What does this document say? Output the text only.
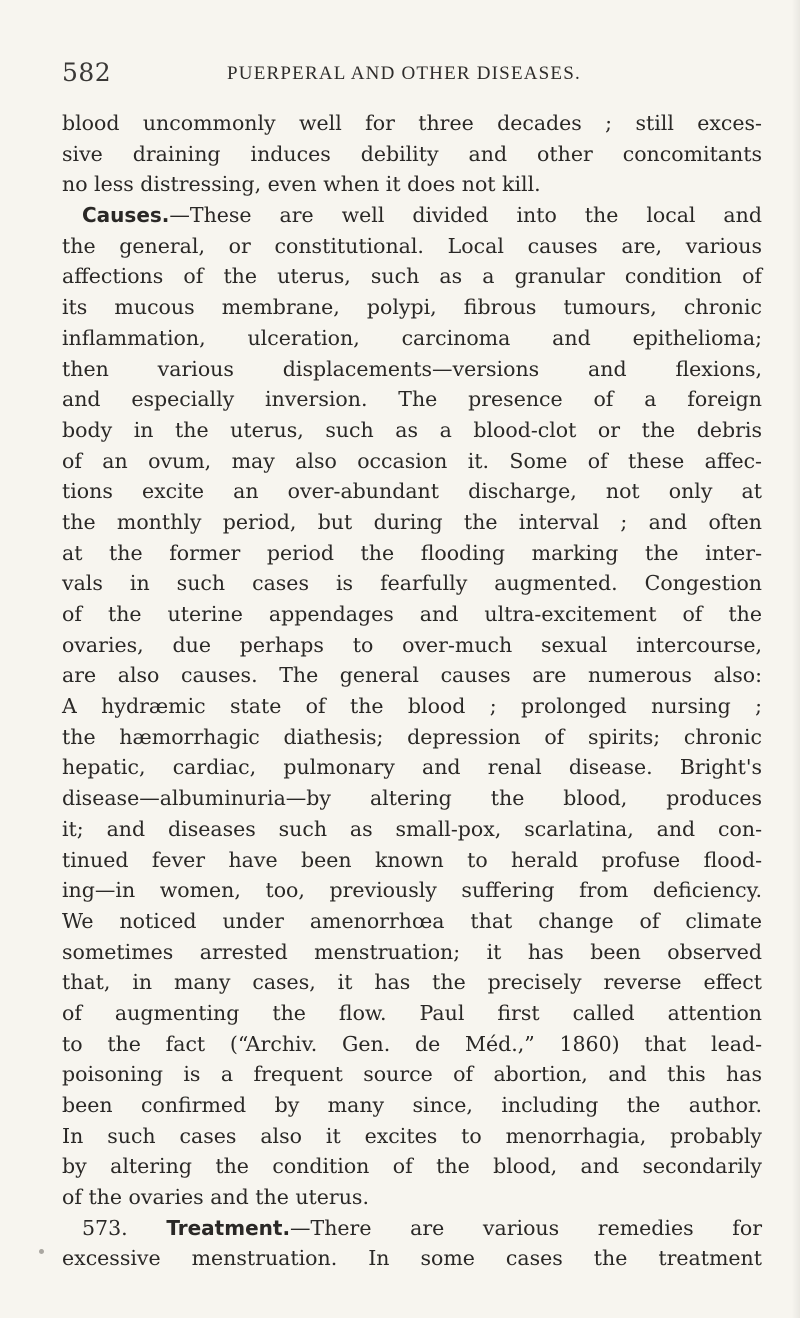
582	PUERPERAL AND OTHER DISEASES.
blood uncommonly well for three decades ; still exces-
sive draining induces debility and other concomitants
no less distressing, even when it does not kill.
Causes.—These are well divided into the local and
the general, or constitutional. Local causes are, various
affections of the uterus, such as a granular condition of
its mucous membrane, polypi, fibrous tumours, chronic
inflammation, ulceration, carcinoma and epithelioma;
then various displacements—versions and flexions,
and especially inversion. The presence of a foreign
body in the uterus, such as a blood-clot or the debris
of an ovum, may also occasion it. Some of these affec-
tions excite an over-abundant discharge, not only at
the monthly period, but during the interval ; and often
at the former period the flooding marking the inter-
vals in such cases is fearfully augmented. Congestion
of the uterine appendages and ultra-excitement of the
ovaries, due perhaps to over-much sexual intercourse,
are also causes. The general causes are numerous also:
A hydræmic state of the blood ; prolonged nursing ;
the hæmorrhagic diathesis; depression of spirits; chronic
hepatic, cardiac, pulmonary and renal disease. Bright's
disease—albuminuria—by altering the blood, produces
it; and diseases such as small-pox, scarlatina, and con-
tinued fever have been known to herald profuse flood-
ing—in women, too, previously suffering from deficiency.
We noticed under amenorrhœa that change of climate
sometimes arrested menstruation; it has been observed
that, in many cases, it has the precisely reverse effect
of augmenting the flow. Paul first called attention
to the fact (“Archiv. Gen. de Méd.,” 1860) that lead-
poisoning is a frequent source of abortion, and this has
been confirmed by many since, including the author.
In such cases also it excites to menorrhagia, probably
by altering the condition of the blood, and secondarily
of the ovaries and the uterus.
573. Treatment.—There are various remedies for
excessive menstruation. In some cases the treatment
